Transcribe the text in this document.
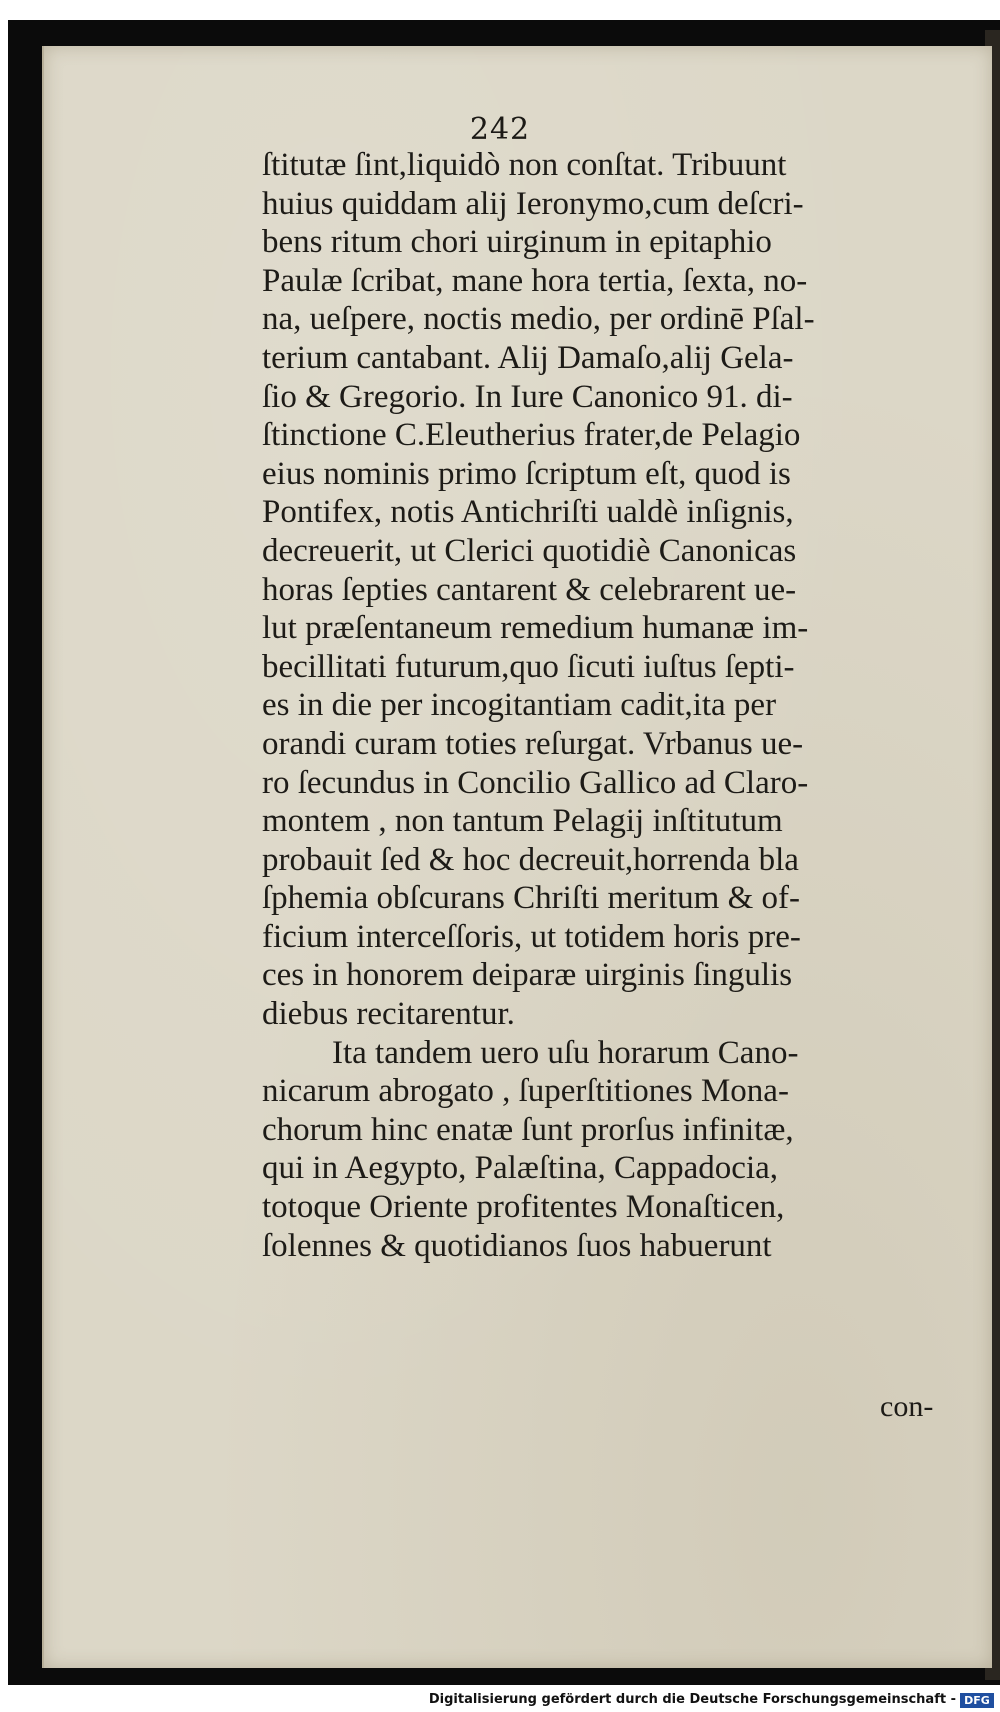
242
ſtitutæ ſint,liquidò non conſtat. Tribuunt
huius quiddam alij Ieronymo,cum deſcri-
bens ritum chori uirginum in epitaphio
Paulæ ſcribat, mane hora tertia, ſexta, no-
na, ueſpere, noctis medio, per ordinē Pſal-
terium cantabant. Alij Damaſo,alij Gela-
ſio & Gregorio. In Iure Canonico 91. di-
ſtinctione C.Eleutherius frater,de Pelagio
eius nominis primo ſcriptum eſt, quod is
Pontifex, notis Antichriſti ualdè inſignis,
decreuerit, ut Clerici quotidiè Canonicas
horas ſepties cantarent & celebrarent ue-
lut præſentaneum remedium humanæ im-
becillitati futurum,quo ſicuti iuſtus ſepti-
es in die per incogitantiam cadit,ita per
orandi curam toties reſurgat. Vrbanus ue-
ro ſecundus in Concilio Gallico ad Claro-
montem , non tantum Pelagij inſtitutum
probauit ſed & hoc decreuit,horrenda bla
ſphemia obſcurans Chriſti meritum & of-
ficium interceſſoris, ut totidem horis pre-
ces in honorem deiparæ uirginis ſingulis
diebus recitarentur.
Ita tandem uero uſu horarum Cano-
nicarum abrogato , ſuperſtitiones Mona-
chorum hinc enatæ ſunt prorſus infinitæ,
qui in Aegypto, Palæſtina, Cappadocia,
totoque Oriente profitentes Monaſticen,
ſolennes & quotidianos ſuos habuerunt
con-
Digitalisierung gefördert durch die Deutsche Forschungsgemeinschaft - DFG
